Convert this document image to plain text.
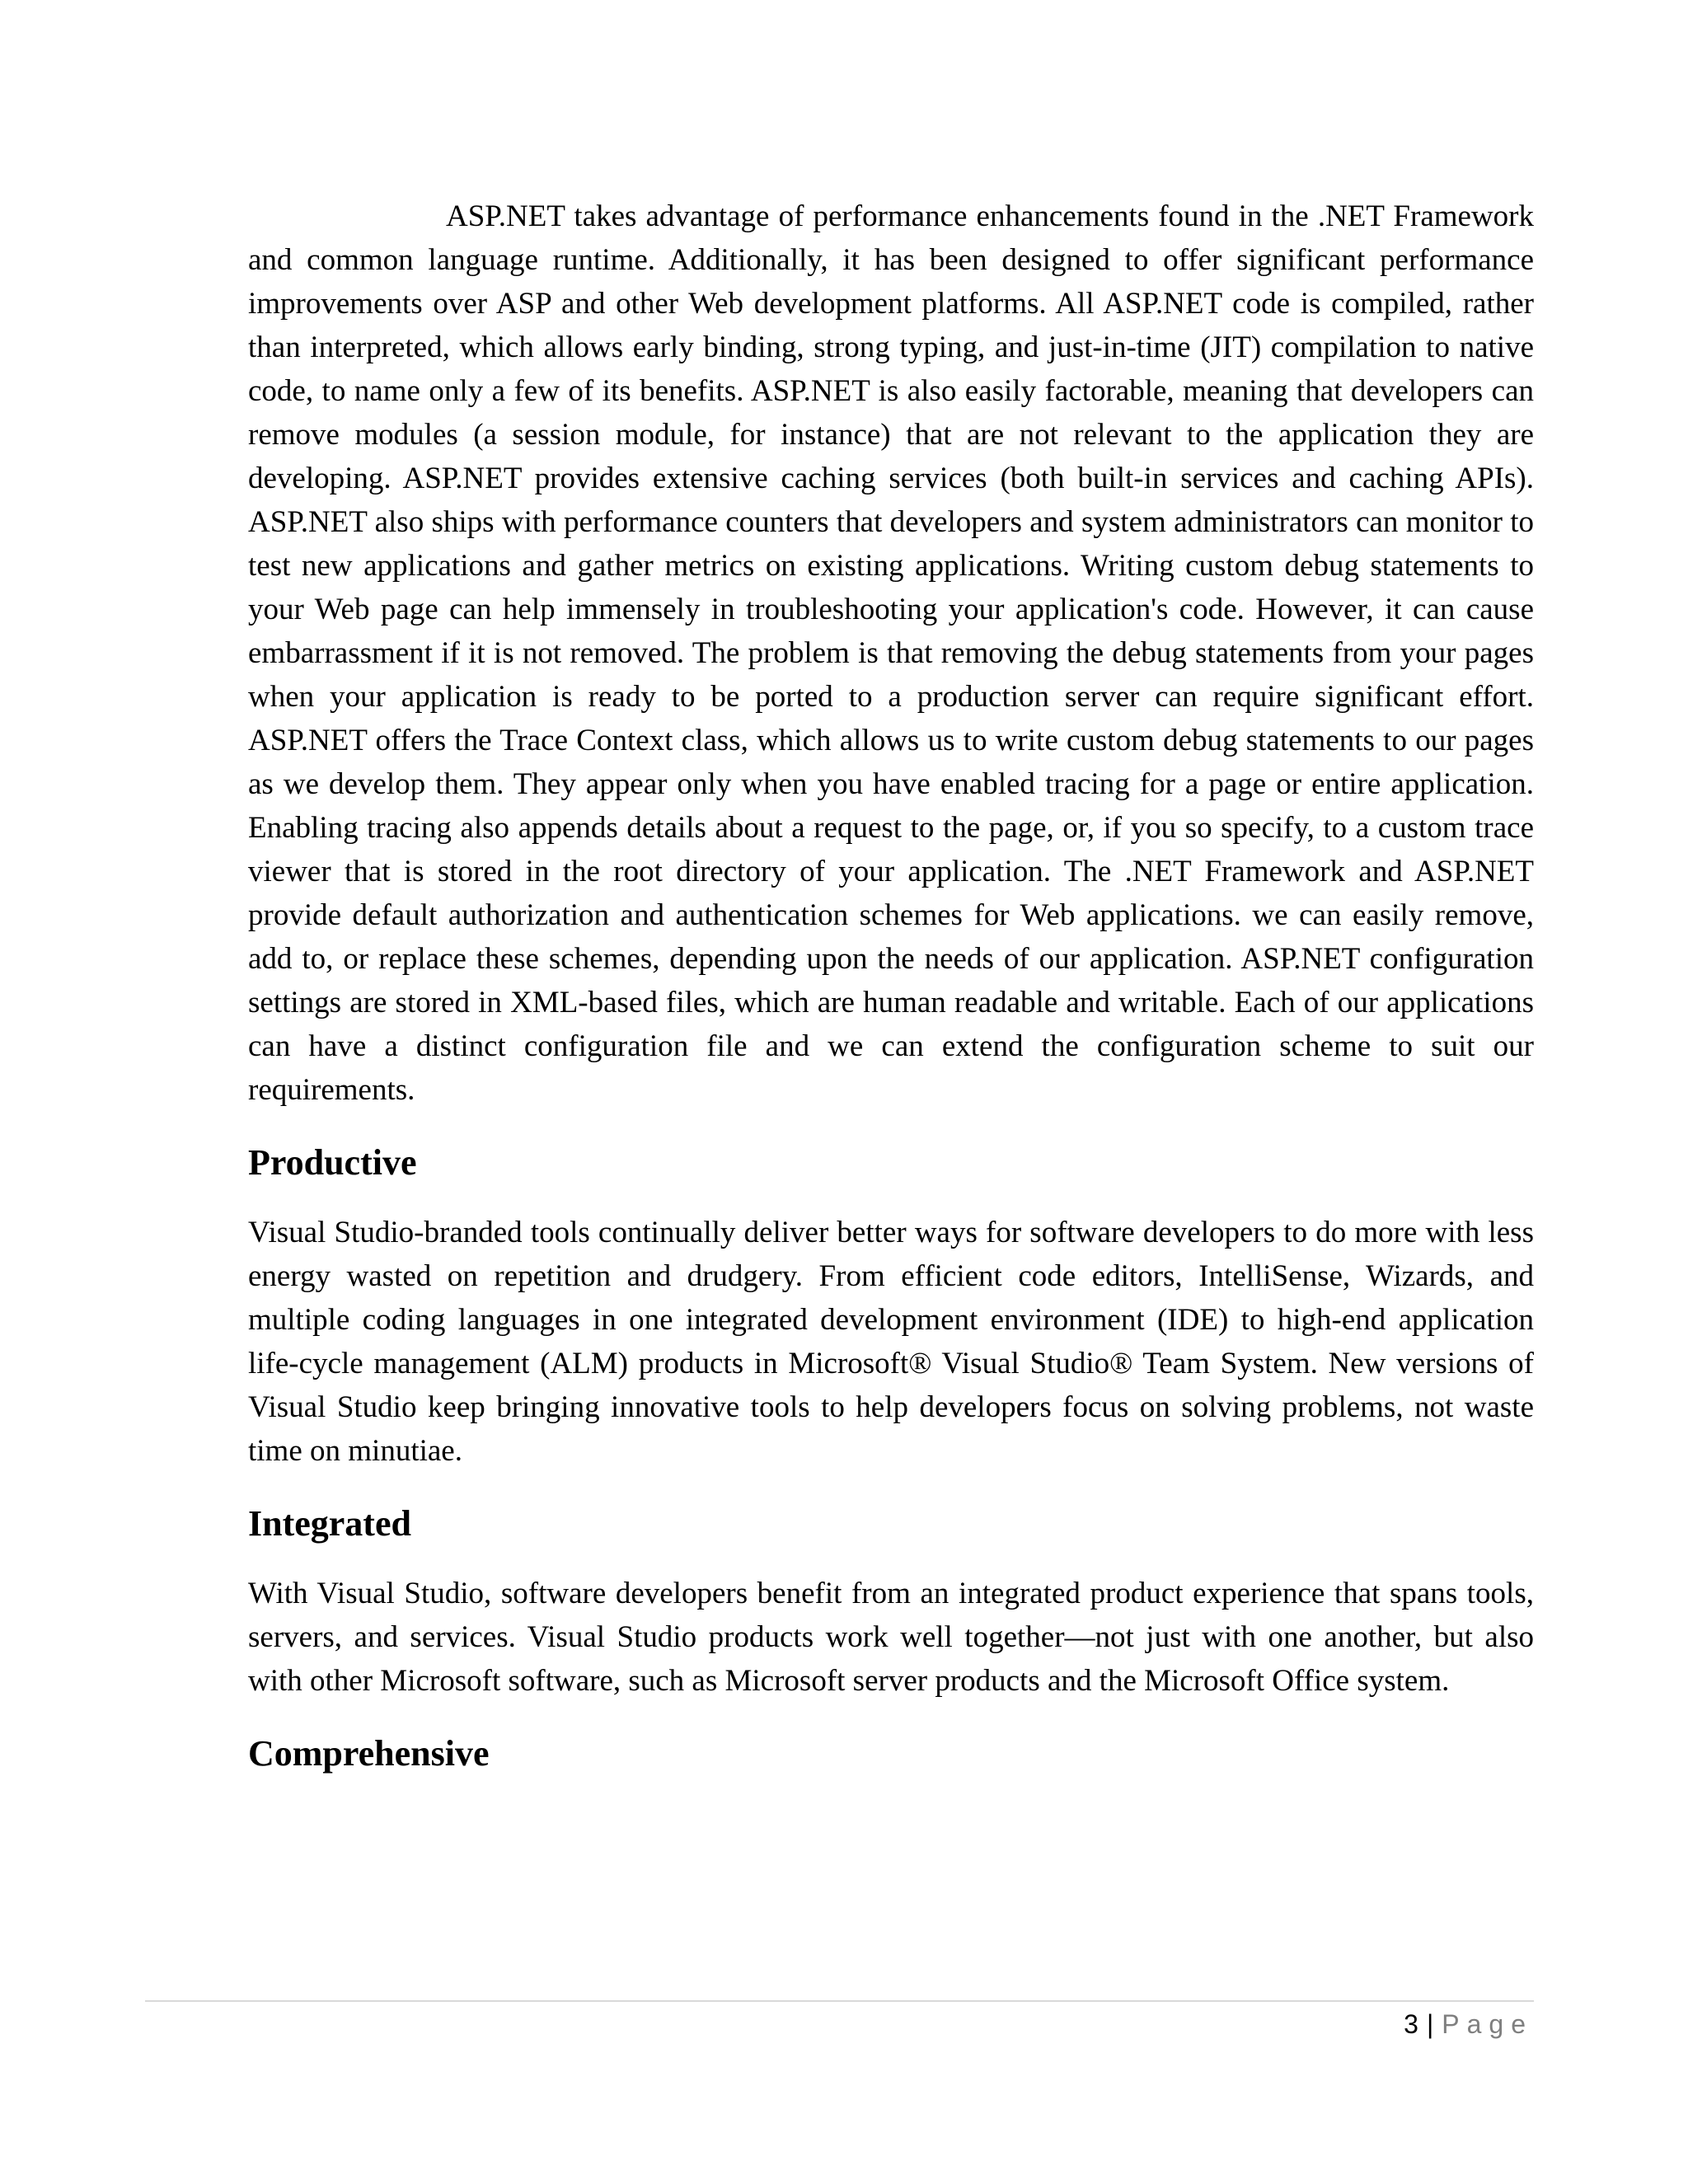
ASP.NET takes advantage of performance enhancements found in the .NET Framework and common language runtime. Additionally, it has been designed to offer significant performance improvements over ASP and other Web development platforms. All ASP.NET code is compiled, rather than interpreted, which allows early binding, strong typing, and just-in-time (JIT) compilation to native code, to name only a few of its benefits. ASP.NET is also easily factorable, meaning that developers can remove modules (a session module, for instance) that are not relevant to the application they are developing. ASP.NET provides extensive caching services (both built-in services and caching APIs). ASP.NET also ships with performance counters that developers and system administrators can monitor to test new applications and gather metrics on existing applications. Writing custom debug statements to your Web page can help immensely in troubleshooting your application's code. However, it can cause embarrassment if it is not removed. The problem is that removing the debug statements from your pages when your application is ready to be ported to a production server can require significant effort. ASP.NET offers the Trace Context class, which allows us to write custom debug statements to our pages as we develop them. They appear only when you have enabled tracing for a page or entire application. Enabling tracing also appends details about a request to the page, or, if you so specify, to a custom trace viewer that is stored in the root directory of your application. The .NET Framework and ASP.NET provide default authorization and authentication schemes for Web applications. we can easily remove, add to, or replace these schemes, depending upon the needs of our application. ASP.NET configuration settings are stored in XML-based files, which are human readable and writable. Each of our applications can have a distinct configuration file and we can extend the configuration scheme to suit our requirements.

Productive

Visual Studio-branded tools continually deliver better ways for software developers to do more with less energy wasted on repetition and drudgery. From efficient code editors, IntelliSense, Wizards, and multiple coding languages in one integrated development environment (IDE) to high-end application life-cycle management (ALM) products in Microsoft® Visual Studio® Team System. New versions of Visual Studio keep bringing innovative tools to help developers focus on solving problems, not waste time on minutiae.

Integrated

With Visual Studio, software developers benefit from an integrated product experience that spans tools, servers, and services. Visual Studio products work well together—not just with one another, but also with other Microsoft software, such as Microsoft server products and the Microsoft Office system.

Comprehensive
3 | Page
